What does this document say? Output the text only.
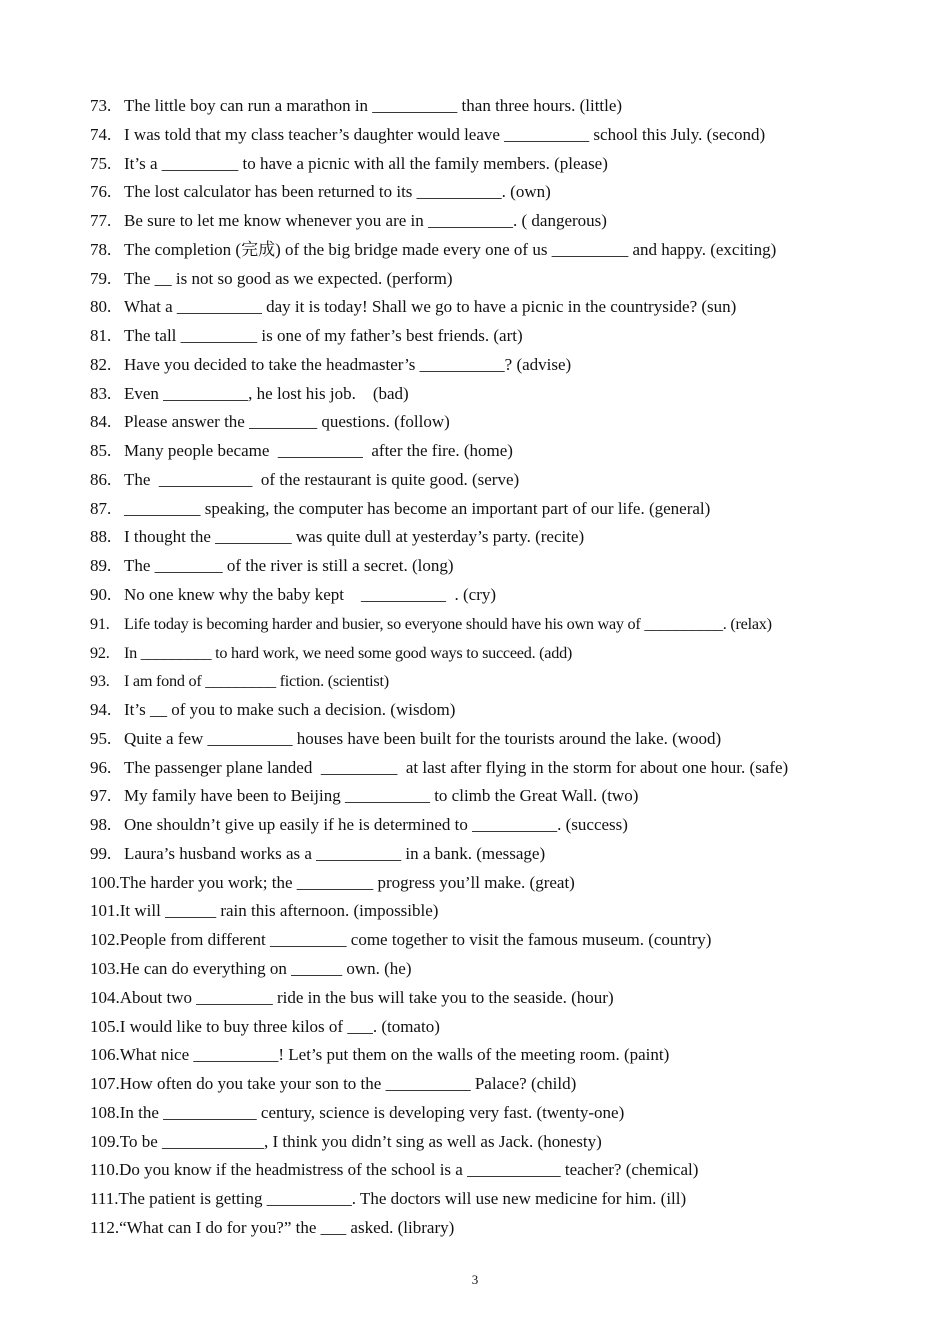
73. The little boy can run a marathon in __________ than three hours. (little)
74. I was told that my class teacher’s daughter would leave __________ school this July. (second)
75. It’s a _________ to have a picnic with all the family members. (please)
76. The lost calculator has been returned to its __________. (own)
77. Be sure to let me know whenever you are in __________. ( dangerous)
78. The completion (完成) of the big bridge made every one of us _________ and happy. (exciting)
79. The __ is not so good as we expected. (perform)
80. What a __________ day it is today! Shall we go to have a picnic in the countryside? (sun)
81. The tall _________ is one of my father’s best friends. (art)
82. Have you decided to take the headmaster’s __________? (advise)
83. Even __________, he lost his job.    (bad)
84. Please answer the ________ questions. (follow)
85. Many people became  __________  after the fire. (home)
86. The  ___________  of the restaurant is quite good. (serve)
87. _________ speaking, the computer has become an important part of our life. (general)
88. I thought the _________ was quite dull at yesterday’s party. (recite)
89. The ________ of the river is still a secret. (long)
90. No one knew why the baby kept    __________  . (cry)
91. Life today is becoming harder and busier, so everyone should have his own way of __________. (relax)
92. In _________ to hard work, we need some good ways to succeed. (add)
93. I am fond of _________ fiction. (scientist)
94. It’s __ of you to make such a decision. (wisdom)
95. Quite a few __________ houses have been built for the tourists around the lake. (wood)
96. The passenger plane landed  _________  at last after flying in the storm for about one hour. (safe)
97. My family have been to Beijing __________ to climb the Great Wall. (two)
98. One shouldn’t give up easily if he is determined to __________. (success)
99. Laura’s husband works as a __________ in a bank. (message)
100.The harder you work; the _________ progress you’ll make. (great)
101.It will ______ rain this afternoon. (impossible)
102.People from different _________ come together to visit the famous museum. (country)
103.He can do everything on ______ own. (he)
104.About two _________ ride in the bus will take you to the seaside. (hour)
105.I would like to buy three kilos of ___. (tomato)
106.What nice __________! Let’s put them on the walls of the meeting room. (paint)
107.How often do you take your son to the __________ Palace? (child)
108.In the ___________ century, science is developing very fast. (twenty-one)
109.To be ____________, I think you didn’t sing as well as Jack. (honesty)
110.Do you know if the headmistress of the school is a ___________ teacher? (chemical)
111.The patient is getting __________. The doctors will use new medicine for him. (ill)
112.“What can I do for you?” the ___ asked. (library)
3
